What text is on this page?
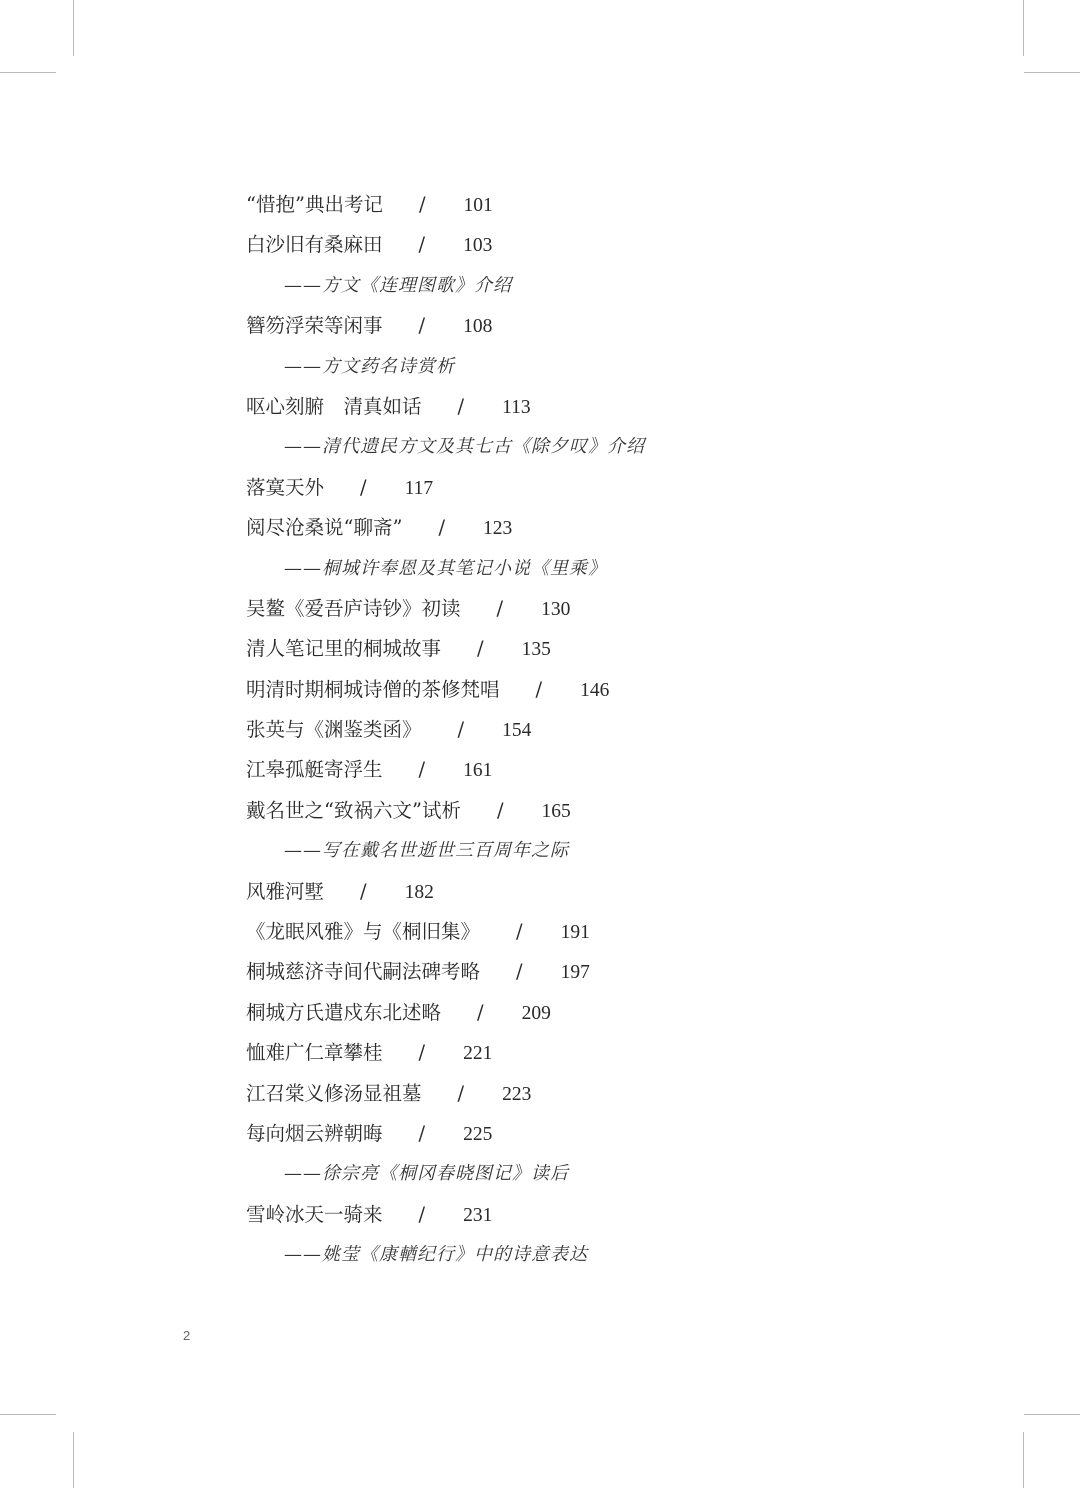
“惜抱”典出考记 / 101
白沙旧有桑麻田 / 103
——方文《连理图歌》介绍
簪笏浮荣等闲事 / 108
——方文药名诗赏析
呕心刻腑　清真如话 / 113
——清代遗民方文及其七古《除夕叹》介绍
落寞天外 / 117
阅尽沧桑说“聊斋” / 123
——桐城许奉恩及其笔记小说《里乘》
吴鳌《爱吾庐诗钞》初读 / 130
清人笔记里的桐城故事 / 135
明清时期桐城诗僧的茶修梵唱 / 146
张英与《渊鉴类函》 / 154
江皋孤艇寄浮生 / 161
戴名世之“致祸六文”试析 / 165
——写在戴名世逝世三百周年之际
风雅河墅 / 182
《龙眠风雅》与《桐旧集》 / 191
桐城慈济寺间代嗣法碑考略 / 197
桐城方氏遣戍东北述略 / 209
恤难广仁章攀桂 / 221
江召棠义修汤显祖墓 / 223
每向烟云辨朝晦 / 225
——徐宗亮《桐冈春晓图记》读后
雪岭冰天一骑来 / 231
——姚莹《康輶纪行》中的诗意表达
2
